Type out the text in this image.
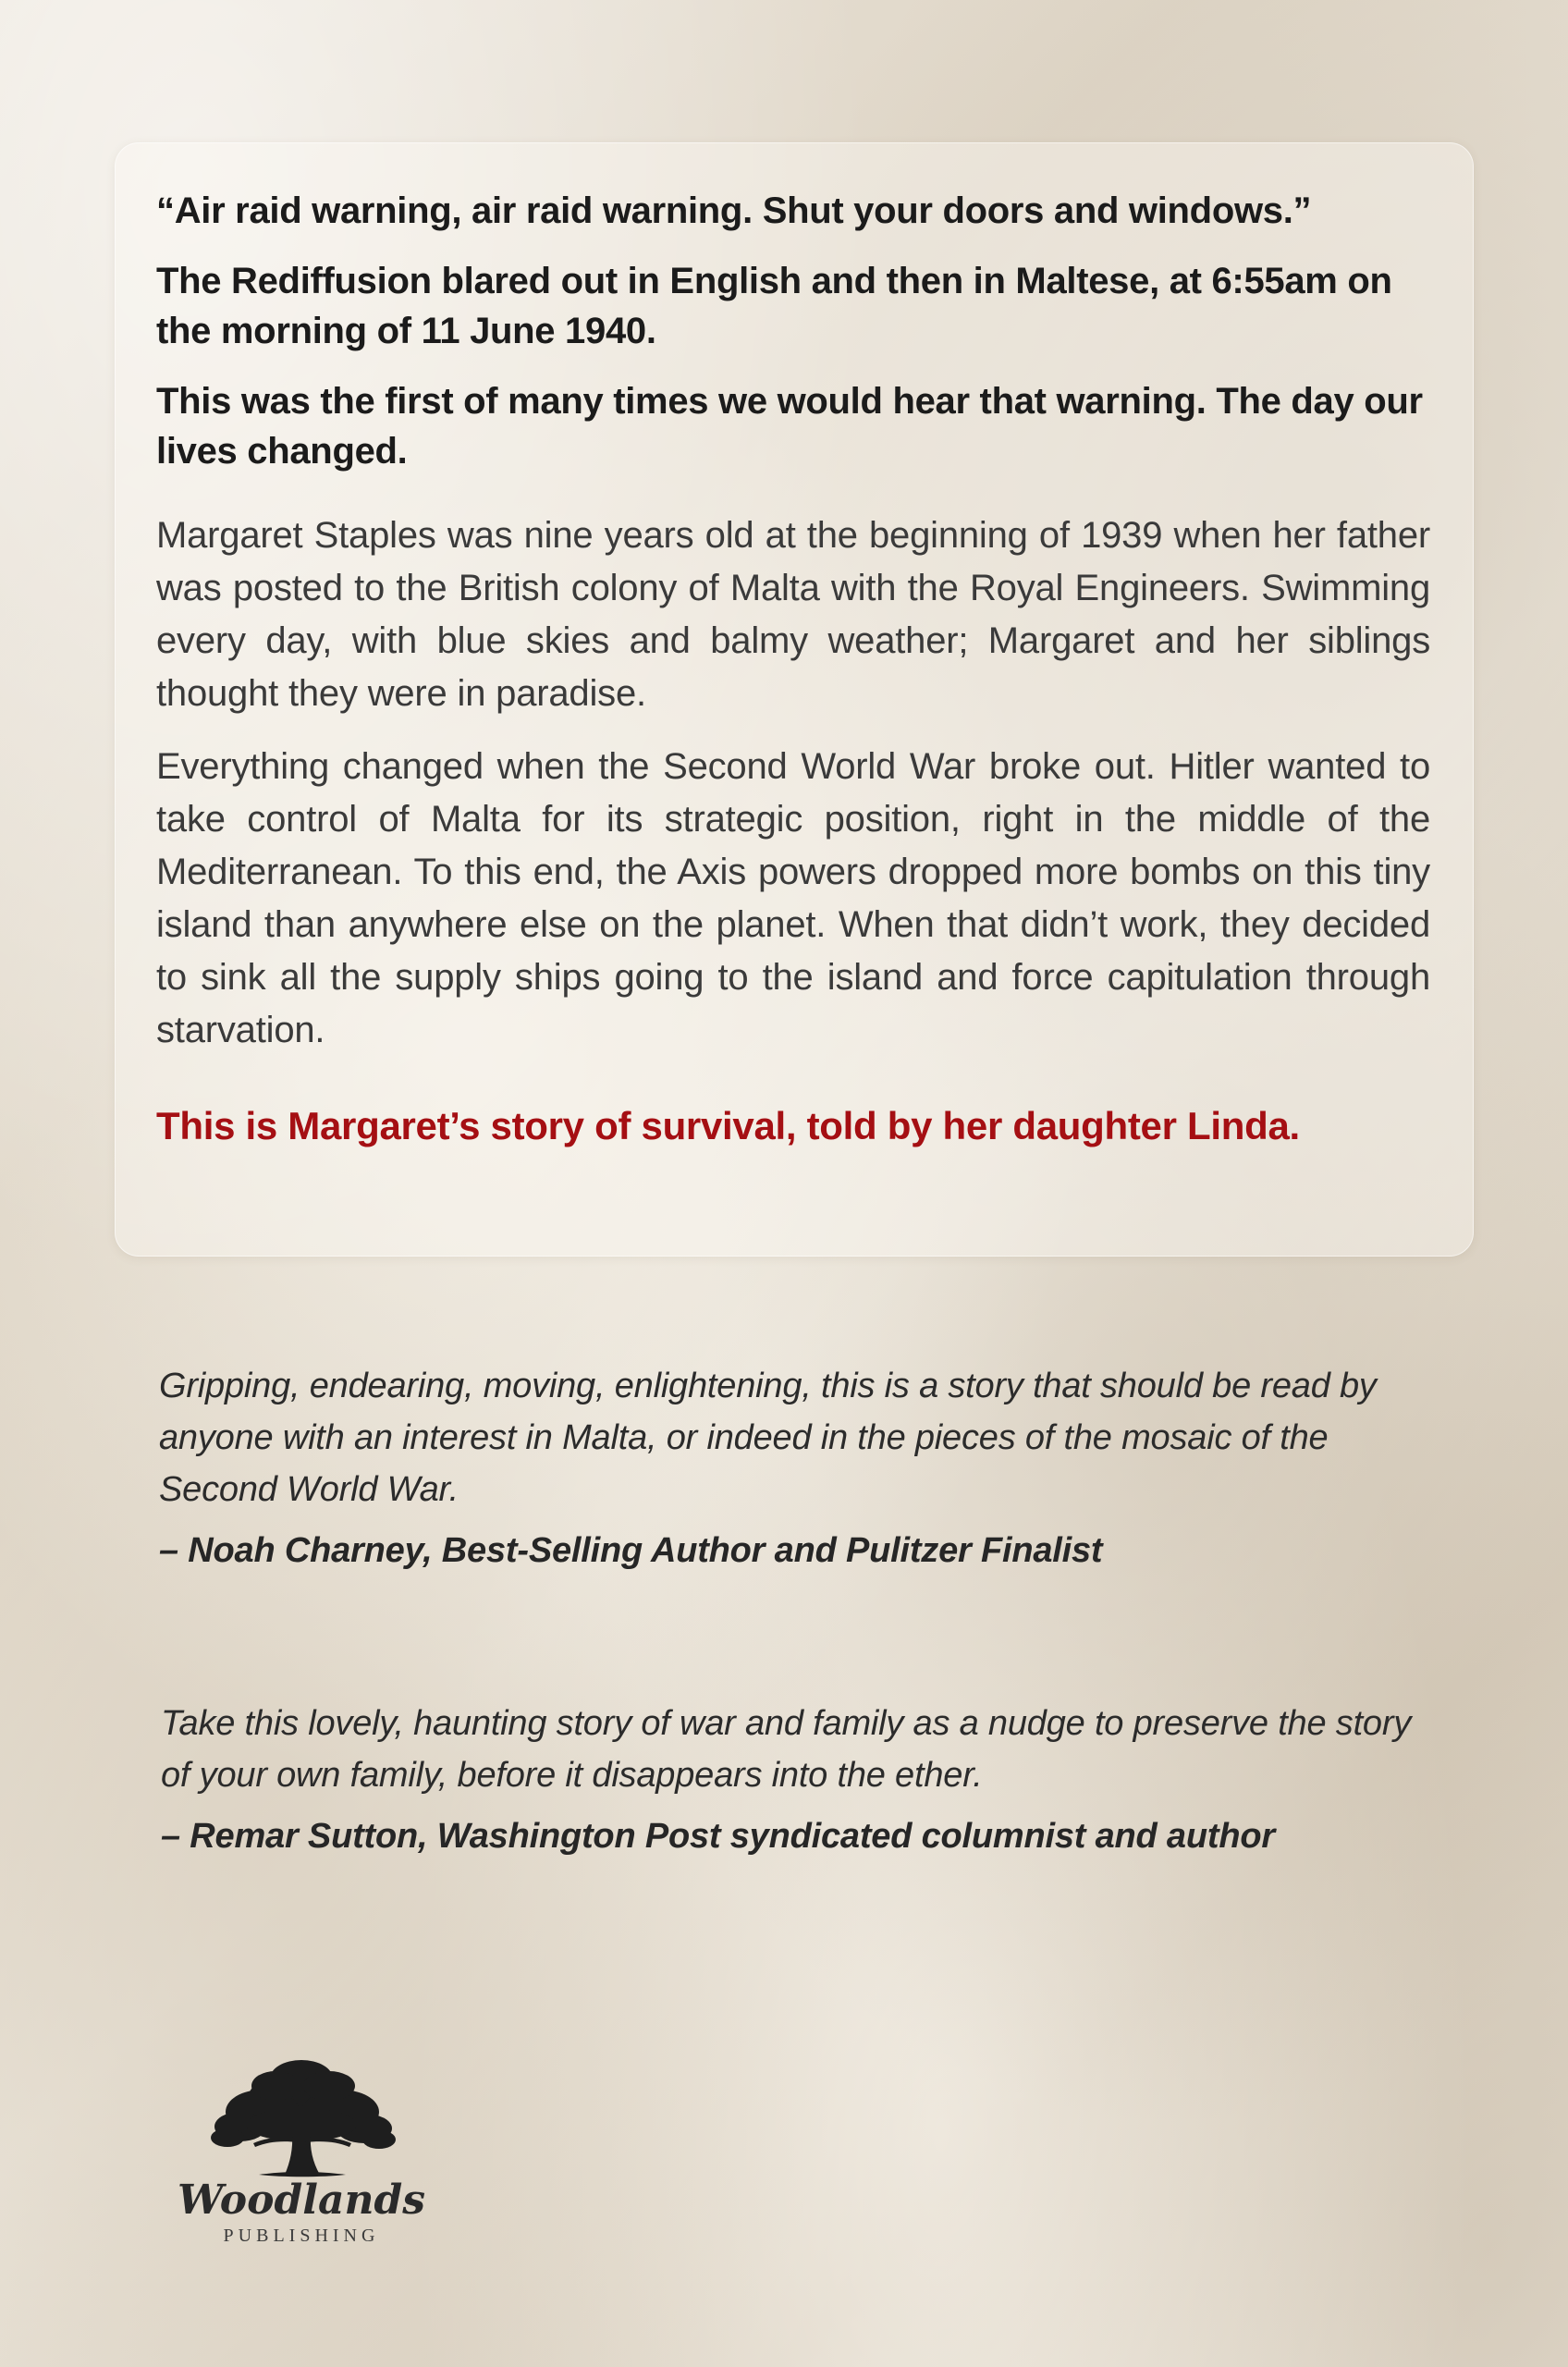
“Air raid warning, air raid warning. Shut your doors and windows.”

The Rediffusion blared out in English and then in Maltese, at 6:55am on the morning of 11 June 1940.

This was the first of many times we would hear that warning. The day our lives changed.

Margaret Staples was nine years old at the beginning of 1939 when her father was posted to the British colony of Malta with the Royal Engineers. Swimming every day, with blue skies and balmy weather; Margaret and her siblings thought they were in paradise.

Everything changed when the Second World War broke out. Hitler wanted to take control of Malta for its strategic position, right in the middle of the Mediterranean. To this end, the Axis powers dropped more bombs on this tiny island than anywhere else on the planet. When that didn’t work, they decided to sink all the supply ships going to the island and force capitulation through starvation.

This is Margaret’s story of survival, told by her daughter Linda.

Gripping, endearing, moving, enlightening, this is a story that should be read by anyone with an interest in Malta, or indeed in the pieces of the mosaic of the Second World War.

– Noah Charney, Best-Selling Author and Pulitzer Finalist

Take this lovely, haunting story of war and family as a nudge to preserve the story of your own family, before it disappears into the ether.

– Remar Sutton, Washington Post syndicated columnist and author

Woodlands
PUBLISHING
